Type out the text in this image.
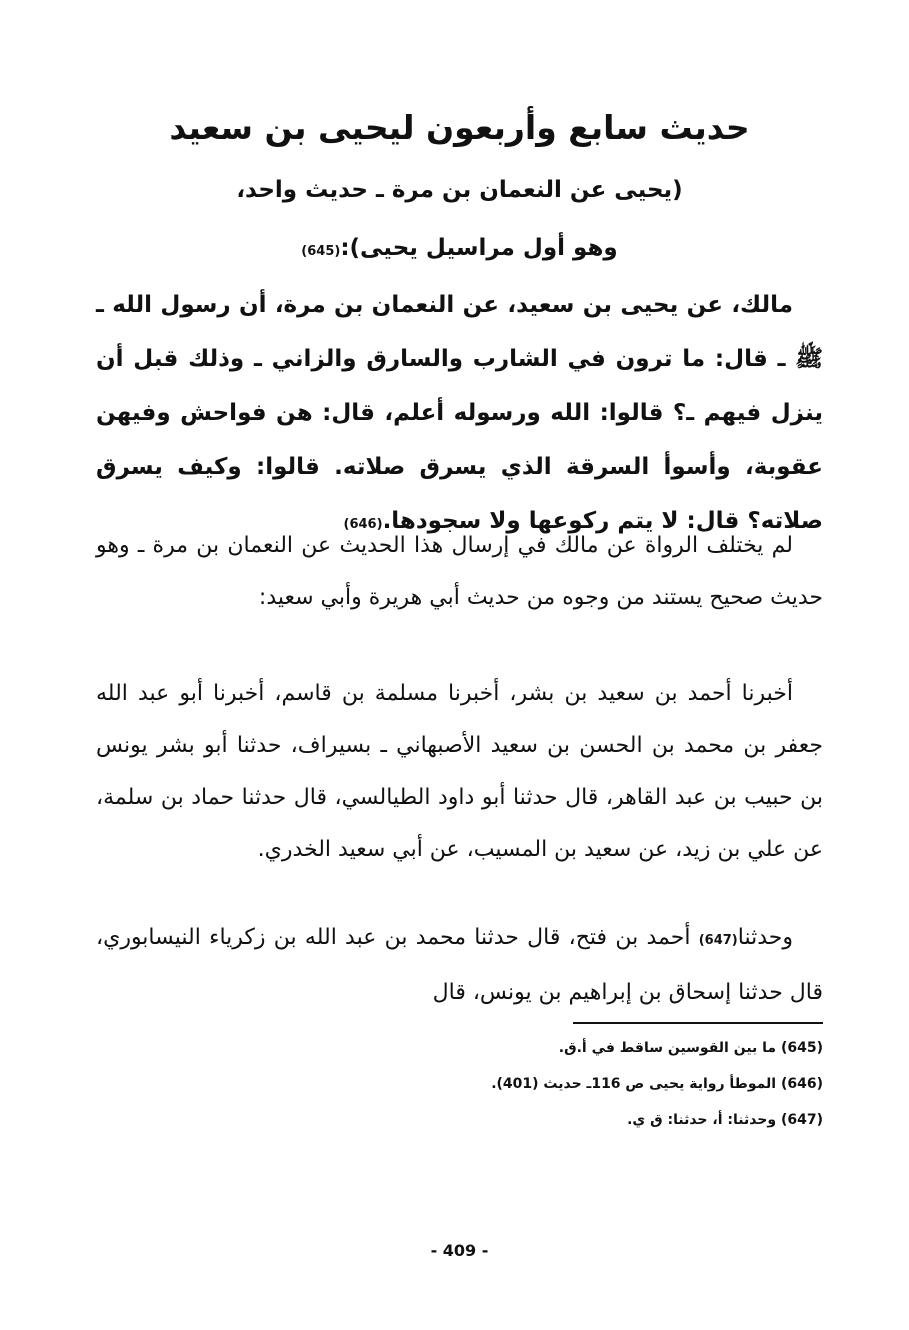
حديث سابع وأربعون ليحيى بن سعيد
(يحيى عن النعمان بن مرة ـ حديث واحد،
وهو أول مراسيل يحيى):(645)

مالك، عن يحيى بن سعيد، عن النعمان بن مرة، أن رسول الله ـ ﷺ ـ قال: ما ترون في الشارب والسارق والزاني ـ وذلك قبل أن ينزل فيهم ـ؟ قالوا: الله ورسوله أعلم، قال: هن فواحش وفيهن عقوبة، وأسوأ السرقة الذي يسرق صلاته. قالوا: وكيف يسرق صلاته؟ قال: لا يتم ركوعها ولا سجودها.(646)

لم يختلف الرواة عن مالك في إرسال هذا الحديث عن النعمان بن مرة ـ وهو حديث صحيح يستند من وجوه من حديث أبي هريرة وأبي سعيد:

أخبرنا أحمد بن سعيد بن بشر، أخبرنا مسلمة بن قاسم، أخبرنا أبو عبد الله جعفر بن محمد بن الحسن بن سعيد الأصبهاني ـ بسيراف، حدثنا أبو بشر يونس بن حبيب بن عبد القاهر، قال حدثنا أبو داود الطيالسي، قال حدثنا حماد بن سلمة، عن علي بن زيد، عن سعيد بن المسيب، عن أبي سعيد الخدري.

وحدثنا(647) أحمد بن فتح، قال حدثنا محمد بن عبد الله بن زكرياء النيسابوري، قال حدثنا إسحاق بن إبراهيم بن يونس، قال

(645) ما بين القوسين ساقط في أ.ق.
(646) الموطأ رواية يحيى ص 116ـ حديث (401).
(647) وحدثنا: أ، حدثنا: ق ي.
- 409 -
